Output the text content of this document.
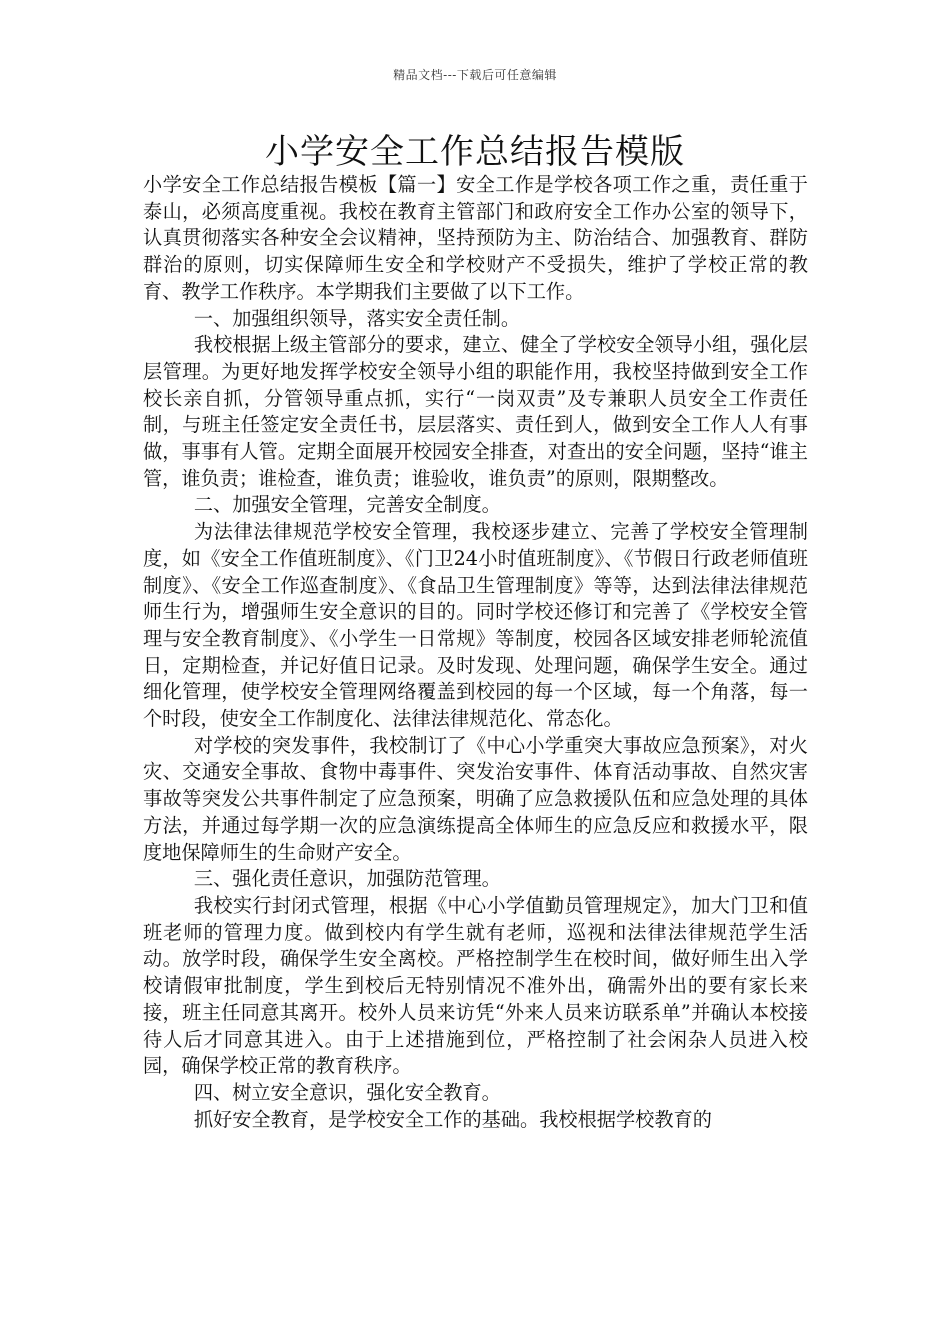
精品文档---下载后可任意编辑
小学安全工作总结报告模版

小学安全工作总结报告模板【篇一】安全工作是学校各项工作之重，责任重于泰山，必须高度重视。我校在教育主管部门和政府安全工作办公室的领导下，认真贯彻落实各种安全会议精神，坚持预防为主、防治结合、加强教育、群防群治的原则，切实保障师生安全和学校财产不受损失，维护了学校正常的教育、教学工作秩序。本学期我们主要做了以下工作。

一、加强组织领导，落实安全责任制。

我校根据上级主管部分的要求，建立、健全了学校安全领导小组，强化层层管理。为更好地发挥学校安全领导小组的职能作用，我校坚持做到安全工作校长亲自抓，分管领导重点抓，实行“一岗双责”及专兼职人员安全工作责任制，与班主任签定安全责任书，层层落实、责任到人，做到安全工作人人有事做，事事有人管。定期全面展开校园安全排查，对查出的安全问题，坚持“谁主管，谁负责；谁检查，谁负责；谁验收，谁负责”的原则，限期整改。

二、加强安全管理，完善安全制度。

为法律法律规范学校安全管理，我校逐步建立、完善了学校安全管理制度，如《安全工作值班制度》、《门卫24小时值班制度》、《节假日行政老师值班制度》、《安全工作巡查制度》、《食品卫生管理制度》等等，达到法律法律规范师生行为，增强师生安全意识的目的。同时学校还修订和完善了《学校安全管理与安全教育制度》、《小学生一日常规》等制度，校园各区域安排老师轮流值日，定期检查，并记好值日记录。及时发现、处理问题，确保学生安全。通过细化管理，使学校安全管理网络覆盖到校园的每一个区域，每一个角落，每一个时段，使安全工作制度化、法律法律规范化、常态化。

对学校的突发事件，我校制订了《中心小学重突大事故应急预案》，对火灾、交通安全事故、食物中毒事件、突发治安事件、体育活动事故、自然灾害事故等突发公共事件制定了应急预案，明确了应急救援队伍和应急处理的具体方法，并通过每学期一次的应急演练提高全体师生的应急反应和救援水平，限度地保障师生的生命财产安全。

三、强化责任意识，加强防范管理。

我校实行封闭式管理，根据《中心小学值勤员管理规定》，加大门卫和值班老师的管理力度。做到校内有学生就有老师，巡视和法律法律规范学生活动。放学时段，确保学生安全离校。严格控制学生在校时间，做好师生出入学校请假审批制度，学生到校后无特别情况不准外出，确需外出的要有家长来接，班主任同意其离开。校外人员来访凭“外来人员来访联系单”并确认本校接待人后才同意其进入。由于上述措施到位，严格控制了社会闲杂人员进入校园，确保学校正常的教育秩序。

四、树立安全意识，强化安全教育。

抓好安全教育，是学校安全工作的基础。我校根据学校教育的
